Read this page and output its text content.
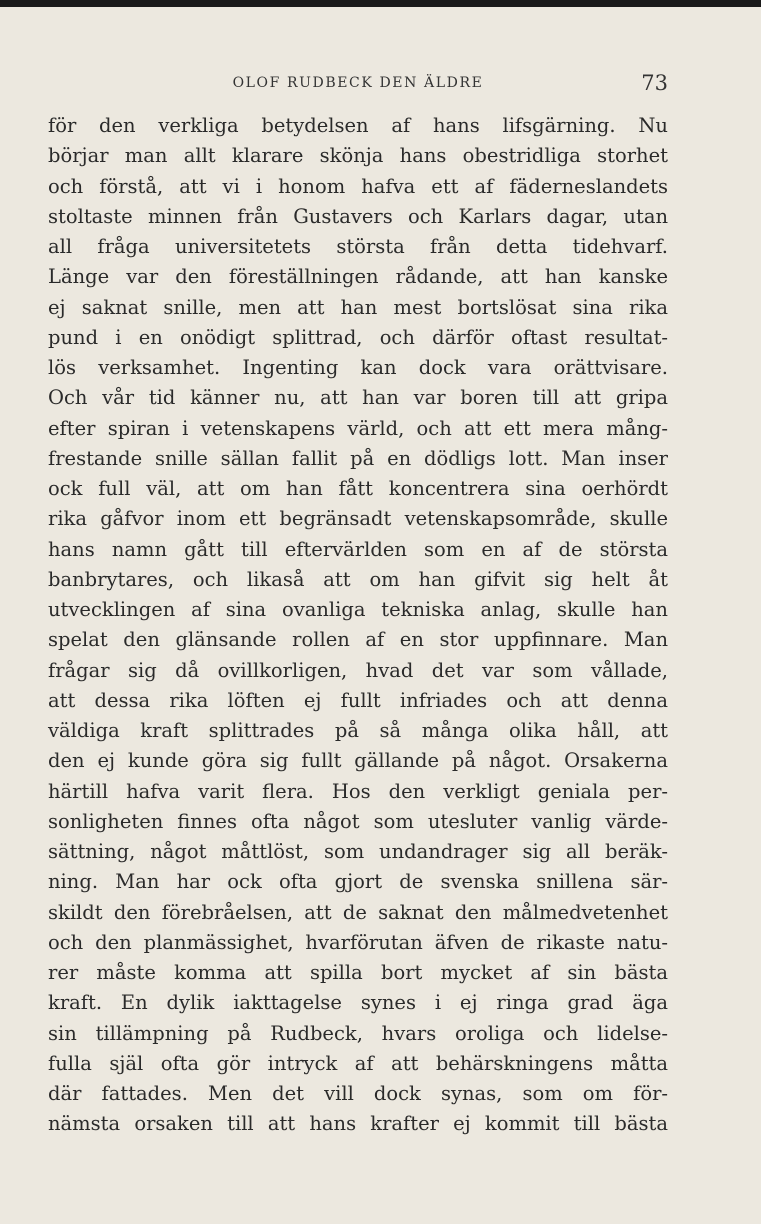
OLOF RUDBECK DEN ÄLDRE	73
för den verkliga betydelsen af hans lifsgärning. Nu
börjar man allt klarare skönja hans obestridliga storhet
och förstå, att vi i honom hafva ett af fäderneslandets
stoltaste minnen från Gustavers och Karlars dagar, utan
all fråga universitetets största från detta tidehvarf.
Länge var den föreställningen rådande, att han kanske
ej saknat snille, men att han mest bortslösat sina rika
pund i en onödigt splittrad, och därför oftast resultat-
lös verksamhet. Ingenting kan dock vara orättvisare.
Och vår tid känner nu, att han var boren till att gripa
efter spiran i vetenskapens värld, och att ett mera mång-
frestande snille sällan fallit på en dödligs lott. Man inser
ock full väl, att om han fått koncentrera sina oerhördt
rika gåfvor inom ett begränsadt vetenskapsområde, skulle
hans namn gått till eftervärlden som en af de största
banbrytares, och likaså att om han gifvit sig helt åt
utvecklingen af sina ovanliga tekniska anlag, skulle han
spelat den glänsande rollen af en stor uppfinnare. Man
frågar sig då ovillkorligen, hvad det var som vållade,
att dessa rika löften ej fullt infriades och att denna
väldiga kraft splittrades på så många olika håll, att
den ej kunde göra sig fullt gällande på något. Orsakerna
härtill hafva varit flera. Hos den verkligt geniala per-
sonligheten finnes ofta något som utesluter vanlig värde-
sättning, något måttlöst, som undandrager sig all beräk-
ning. Man har ock ofta gjort de svenska snillena sär-
skildt den förebråelsen, att de saknat den målmedvetenhet
och den planmässighet, hvarförutan äfven de rikaste natu-
rer måste komma att spilla bort mycket af sin bästa
kraft. En dylik iakttagelse synes i ej ringa grad äga
sin tillämpning på Rudbeck, hvars oroliga och lidelse-
fulla själ ofta gör intryck af att behärskningens måtta
där fattades. Men det vill dock synas, som om för-
nämsta orsaken till att hans krafter ej kommit till bästa
